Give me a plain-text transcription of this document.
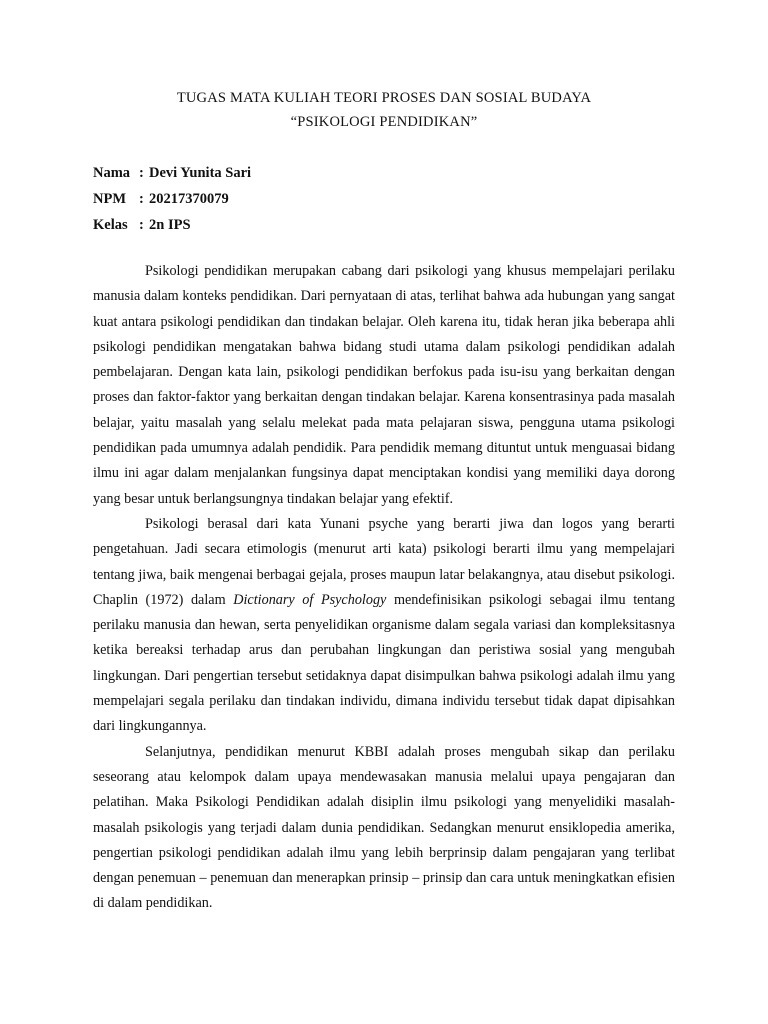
TUGAS MATA KULIAH TEORI PROSES DAN SOSIAL BUDAYA
“PSIKOLOGI PENDIDIKAN”
Nama : Devi Yunita Sari
NPM : 20217370079
Kelas : 2n IPS

Psikologi pendidikan merupakan cabang dari psikologi yang khusus mempelajari perilaku manusia dalam konteks pendidikan. Dari pernyataan di atas, terlihat bahwa ada hubungan yang sangat kuat antara psikologi pendidikan dan tindakan belajar. Oleh karena itu, tidak heran jika beberapa ahli psikologi pendidikan mengatakan bahwa bidang studi utama dalam psikologi pendidikan adalah pembelajaran. Dengan kata lain, psikologi pendidikan berfokus pada isu-isu yang berkaitan dengan proses dan faktor-faktor yang berkaitan dengan tindakan belajar. Karena konsentrasinya pada masalah belajar, yaitu masalah yang selalu melekat pada mata pelajaran siswa, pengguna utama psikologi pendidikan pada umumnya adalah pendidik. Para pendidik memang dituntut untuk menguasai bidang ilmu ini agar dalam menjalankan fungsinya dapat menciptakan kondisi yang memiliki daya dorong yang besar untuk berlangsungnya tindakan belajar yang efektif.

Psikologi berasal dari kata Yunani psyche yang berarti jiwa dan logos yang berarti pengetahuan. Jadi secara etimologis (menurut arti kata) psikologi berarti ilmu yang mempelajari tentang jiwa, baik mengenai berbagai gejala, proses maupun latar belakangnya, atau disebut psikologi. Chaplin (1972) dalam Dictionary of Psychology mendefinisikan psikologi sebagai ilmu tentang perilaku manusia dan hewan, serta penyelidikan organisme dalam segala variasi dan kompleksitasnya ketika bereaksi terhadap arus dan perubahan lingkungan dan peristiwa sosial yang mengubah lingkungan. Dari pengertian tersebut setidaknya dapat disimpulkan bahwa psikologi adalah ilmu yang mempelajari segala perilaku dan tindakan individu, dimana individu tersebut tidak dapat dipisahkan dari lingkungannya.

Selanjutnya, pendidikan menurut KBBI adalah proses mengubah sikap dan perilaku seseorang atau kelompok dalam upaya mendewasakan manusia melalui upaya pengajaran dan pelatihan. Maka Psikologi Pendidikan adalah disiplin ilmu psikologi yang menyelidiki masalah-masalah psikologis yang terjadi dalam dunia pendidikan. Sedangkan menurut ensiklopedia amerika, pengertian psikologi pendidikan adalah ilmu yang lebih berprinsip dalam pengajaran yang terlibat dengan penemuan – penemuan dan menerapkan prinsip – prinsip dan cara untuk meningkatkan efisien di dalam pendidikan.
